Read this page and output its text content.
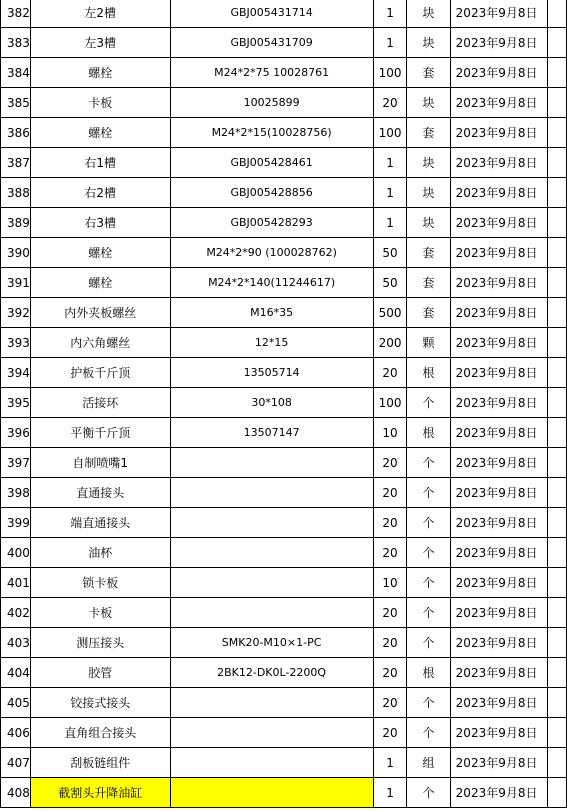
382	左2槽	GBJ005431714	1	块	2023年9月8日	
383	左3槽	GBJ005431709	1	块	2023年9月8日	
384	螺栓	M24*2*75 10028761	100	套	2023年9月8日	
385	卡板	10025899	20	块	2023年9月8日	
386	螺栓	M24*2*15(10028756)	100	套	2023年9月8日	
387	右1槽	GBJ005428461	1	块	2023年9月8日	
388	右2槽	GBJ005428856	1	块	2023年9月8日	
389	右3槽	GBJ005428293	1	块	2023年9月8日	
390	螺栓	M24*2*90 (100028762)	50	套	2023年9月8日	
391	螺栓	M24*2*140(11244617)	50	套	2023年9月8日	
392	内外夹板螺丝	M16*35	500	套	2023年9月8日	
393	内六角螺丝	12*15	200	颗	2023年9月8日	
394	护板千斤顶	13505714	20	根	2023年9月8日	
395	活接环	30*108	100	个	2023年9月8日	
396	平衡千斤顶	13507147	10	根	2023年9月8日	
397	自制喷嘴1		20	个	2023年9月8日	
398	直通接头		20	个	2023年9月8日	
399	端直通接头		20	个	2023年9月8日	
400	油杯		20	个	2023年9月8日	
401	锁卡板		10	个	2023年9月8日	
402	卡板		20	个	2023年9月8日	
403	测压接头	SMK20-M10×1-PC	20	个	2023年9月8日	
404	胶管	2BK12-DK0L-2200Q	20	根	2023年9月8日	
405	铰接式接头		20	个	2023年9月8日	
406	直角组合接头		20	个	2023年9月8日	
407	刮板链组件		1	组	2023年9月8日	
408	截割头升降油缸		1	个	2023年9月8日	
